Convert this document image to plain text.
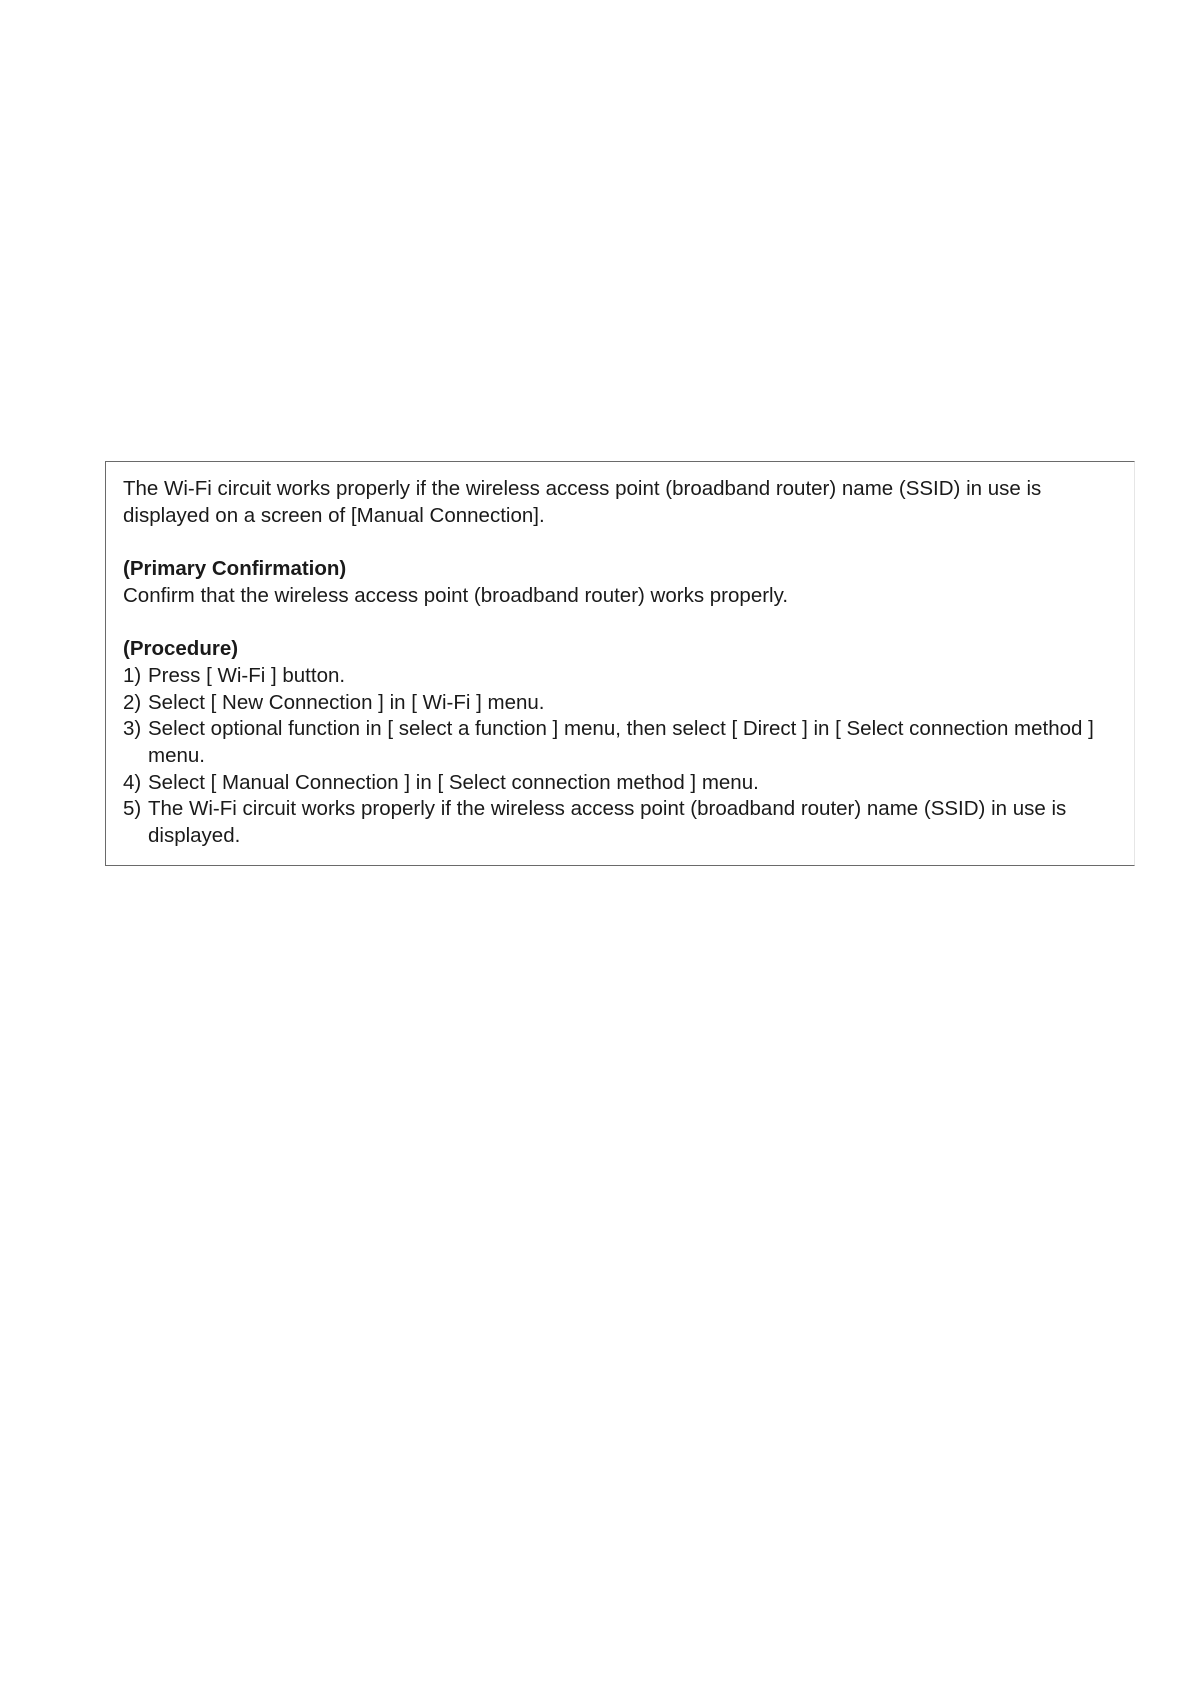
The Wi-Fi circuit works properly if the wireless access point (broadband router) name (SSID) in use is displayed on a screen of [Manual Connection].

(Primary Confirmation)

Confirm that the wireless access point (broadband router) works properly.

(Procedure)

1) Press [ Wi-Fi ] button.
2) Select [ New Connection ] in [ Wi-Fi ] menu.
3) Select optional function in [ select a function ] menu, then select [ Direct ] in [ Select connection method ] menu.
4) Select [ Manual Connection ] in [ Select connection method ] menu.
5) The Wi-Fi circuit works properly if the wireless access point (broadband router) name (SSID) in use is displayed.
